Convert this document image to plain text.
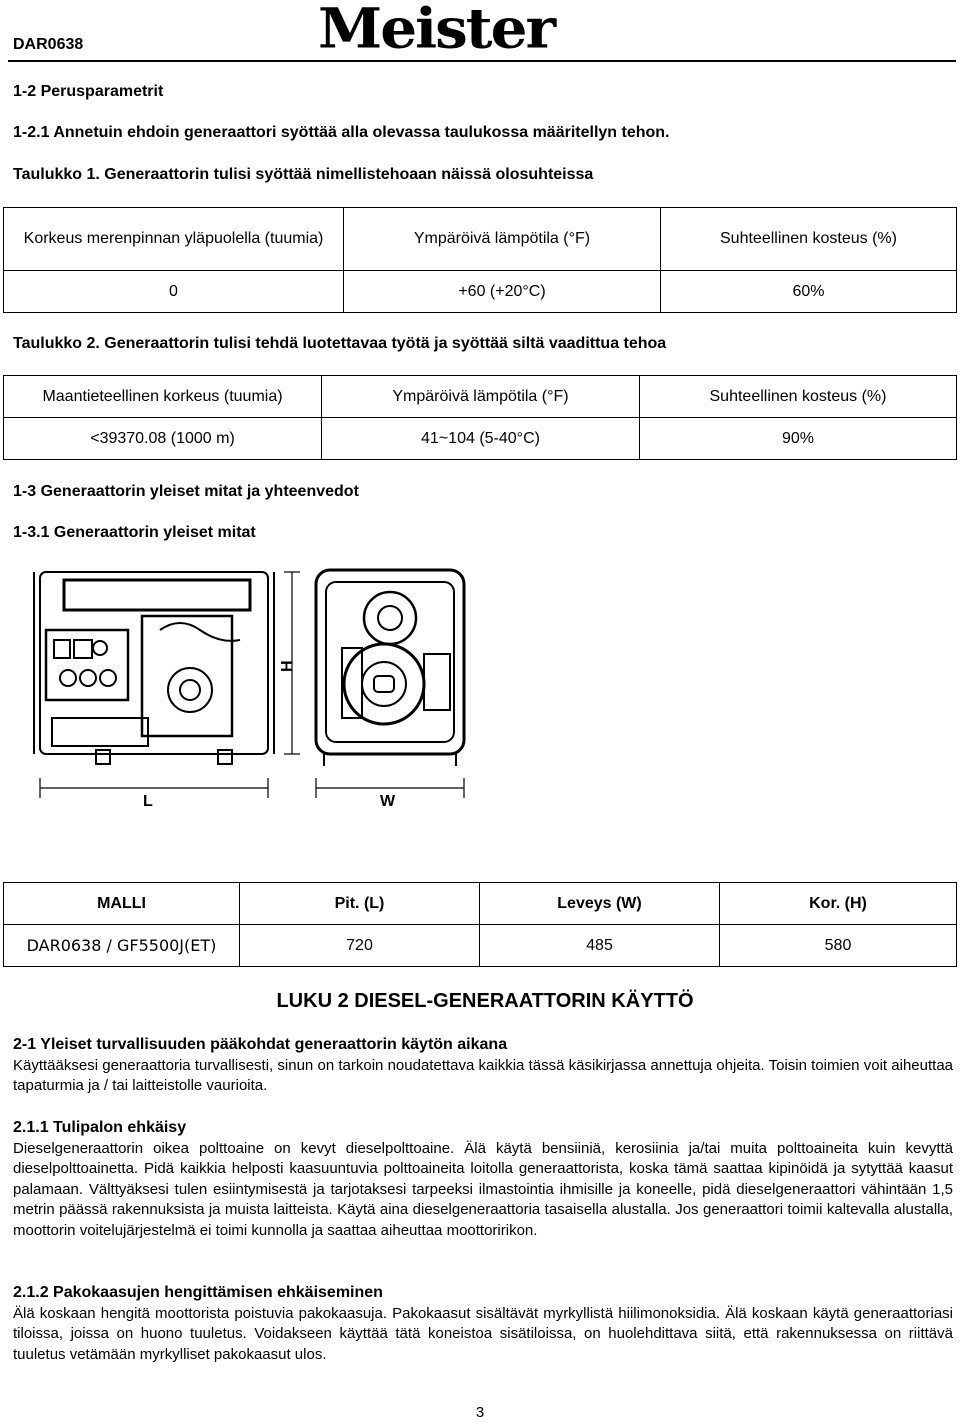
DAR0638	Meister
1-2 Perusparametrit
1-2.1 Annetuin ehdoin generaattori syöttää alla olevassa taulukossa määritellyn tehon.
Taulukko 1. Generaattorin tulisi syöttää nimellistehoaan näissä olosuhteissa
Korkeus merenpinnan yläpuolella (tuumia)	Ympäröivä lämpötila (°F)	Suhteellinen kosteus (%)
0	+60 (+20°C)	60%
Taulukko 2. Generaattorin tulisi tehdä luotettavaa työtä ja syöttää siltä vaadittua tehoa
Maantieteellinen korkeus (tuumia)	Ympäröivä lämpötila (°F)	Suhteellinen kosteus (%)
<39370.08 (1000 m)	41~104 (5-40°C)	90%
1-3 Generaattorin yleiset mitat ja yhteenvedot
1-3.1 Generaattorin yleiset mitat
H
L	W
MALLI	Pit. (L)	Leveys (W)	Kor. (H)
DAR0638 / GF5500J(ET)	720	485	580
LUKU 2 DIESEL-GENERAATTORIN KÄYTTÖ
2-1 Yleiset turvallisuuden pääkohdat generaattorin käytön aikana
Käyttääksesi generaattoria turvallisesti, sinun on tarkoin noudatettava kaikkia tässä käsikirjassa annettuja ohjeita. Toisin toimien voit aiheuttaa tapaturmia ja / tai laitteistolle vaurioita.
2.1.1 Tulipalon ehkäisy
Dieselgeneraattorin oikea polttoaine on kevyt dieselpolttoaine. Älä käytä bensiiniä, kerosiinia ja/tai muita polttoaineita kuin kevyttä dieselpolttoainetta. Pidä kaikkia helposti kaasuuntuvia polttoaineita loitolla generaattorista, koska tämä saattaa kipinöidä ja sytyttää kaasut palamaan. Välttyäksesi tulen esiintymisestä ja tarjotaksesi tarpeeksi ilmastointia ihmisille ja koneelle, pidä dieselgeneraattori vähintään 1,5 metrin päässä rakennuksista ja muista laitteista. Käytä aina dieselgeneraattoria tasaisella alustalla. Jos generaattori toimii kaltevalla alustalla, moottorin voitelujärjestelmä ei toimi kunnolla ja saattaa aiheuttaa moottoririkon.
2.1.2 Pakokaasujen hengittämisen ehkäiseminen
Älä koskaan hengitä moottorista poistuvia pakokaasuja. Pakokaasut sisältävät myrkyllistä hiilimonoksidia. Älä koskaan käytä generaattoriasi tiloissa, joissa on huono tuuletus. Voidakseen käyttää tätä koneistoa sisätiloissa, on huolehdittava siitä, että rakennuksessa on riittävä tuuletus vetämään myrkylliset pakokaasut ulos.
3
